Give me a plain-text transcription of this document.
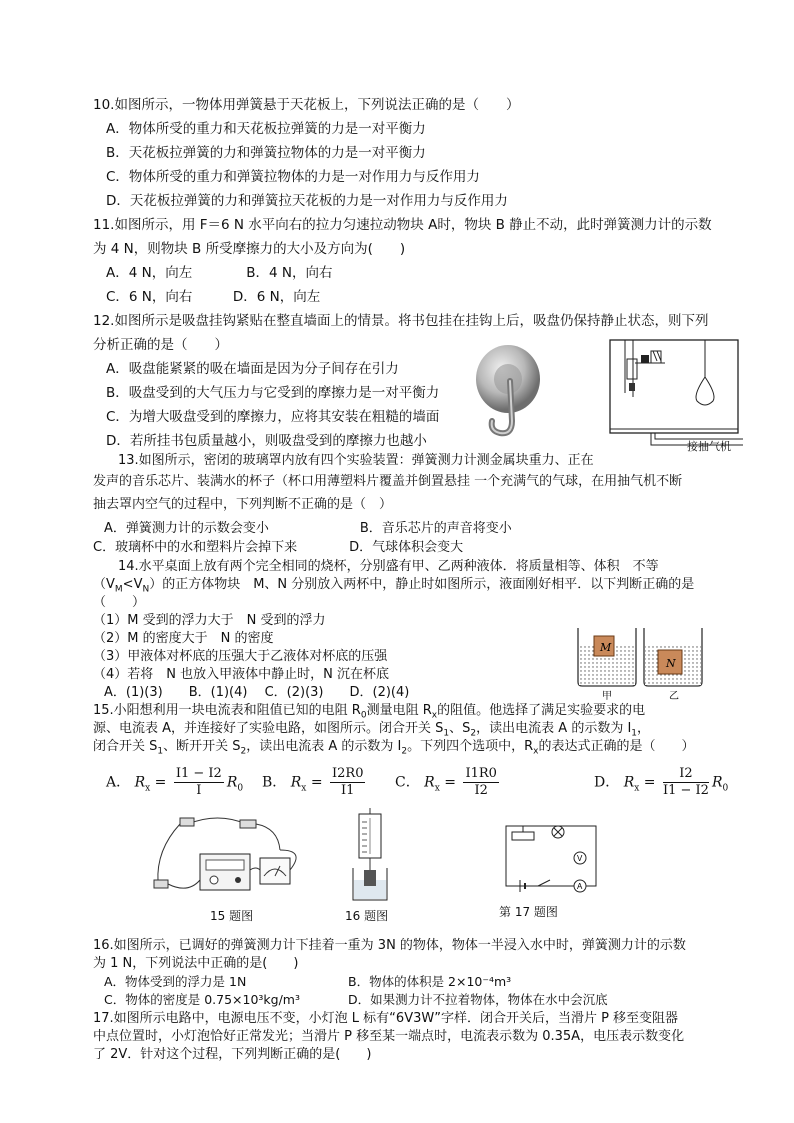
10.如图所示，一物体用弹簧悬于天花板上，下列说法正确的是（　　）
A．物体所受的重力和天花板拉弹簧的力是一对平衡力
B．天花板拉弹簧的力和弹簧拉物体的力是一对平衡力
C．物体所受的重力和弹簧拉物体的力是一对作用力与反作用力
D．天花板拉弹簧的力和弹簧拉天花板的力是一对作用力与反作用力
11.如图所示，用 F＝6 N 水平向右的拉力匀速拉动物块 A时，物块 B 静止不动，此时弹簧测力计的示数
为 4 N，则物块 B 所受摩擦力的大小及方向为(　　)
A．4 N，向左　　　　B．4 N，向右
C．6 N，向右　　　D．6 N，向左
12.如图所示是吸盘挂钩紧贴在整直墙面上的情景。将书包挂在挂钩上后，吸盘仍保持静止状态，则下列
分析正确的是（　　）
A．吸盘能紧紧的吸在墙面是因为分子间存在引力
B．吸盘受到的大气压力与它受到的摩擦力是一对平衡力
C．为增大吸盘受到的摩擦力，应将其安装在粗糙的墙面
D．若所挂书包质量越小，则吸盘受到的摩擦力也越小	接抽气机
13.如图所示，密闭的玻璃罩内放有四个实验装置：弹簧测力计测金属块重力、正在
发声的音乐芯片、装满水的杯子（杯口用薄塑料片覆盖并倒置悬挂 一个充满气的气球，在用抽气机不断
抽去罩内空气的过程中，下列判断不正确的是（　）
A．弹簧测力计的示数会变小　　　　　　　B．音乐芯片的声音将变小
C．玻璃杯中的水和塑料片会掉下来　　　　D．气球体积会变大
14.水平桌面上放有两个完全相同的烧杯，分别盛有甲、乙两种液体．将质量相等、体积　不等
$(V_M<V_N)$的正方体物块　M、N 分别放入两杯中，静止时如图所示，液面刚好相平．以下判断正确的是
（　　）
（1）M 受到的浮力大于　N 受到的浮力
（2）M 的密度大于　N 的密度
（3）甲液体对杯底的压强大于乙液体对杯底的压强
（4）若将　N 也放入甲液体中静止时，N 沉在杯底
A．(1)(3)　　B．(1)(4)　 C．(2)(3)　　D．(2)(4)
M
N
甲	乙
15.小阳想利用一块电流表和阻值已知的电阻 $R_0$测量电阻 $R_x$的阻值。他选择了满足实验要求的电
源、电流表 A，并连接好了实验电路，如图所示。闭合开关 $S_1$、$S_2$，读出电流表 A 的示数为 $I_1$，
闭合开关 $S_1$、断开开关 $S_2$，读出电流表 A 的示数为 $I_2$。下列四个选项中，$R_x$的表达式正确的是（　　）
A． $R_x = \frac{I1 - I2}{I} R_0$ B． $R_x = \frac{I2R0}{I1}$ C． $R_x = \frac{I1R0}{I2}$	D． $R_x = \frac{I2}{I1 - I2} R_0$
15 题图	16 题图
V
A
第 17 题图
16.如图所示，已调好的弹簧测力计下挂着一重为 3N 的物体，物体一半浸入水中时，弹簧测力计的示数
为 1 N，下列说法中正确的是(　　)
A．物体受到的浮力是 1N	B．物体的体积是 2×10⁻⁴m³
C．物体的密度是 0.75×10³kg/m³	D．如果测力计不拉着物体，物体在水中会沉底
17.如图所示电路中，电源电压不变，小灯泡 L 标有“6V3W”字样．闭合开关后，当滑片 P 移至变阻器
中点位置时，小灯泡恰好正常发光；当滑片 P 移至某一端点时，电流表示数为 0.35A，电压表示数变化
了 2V．针对这个过程，下列判断正确的是(　　)
